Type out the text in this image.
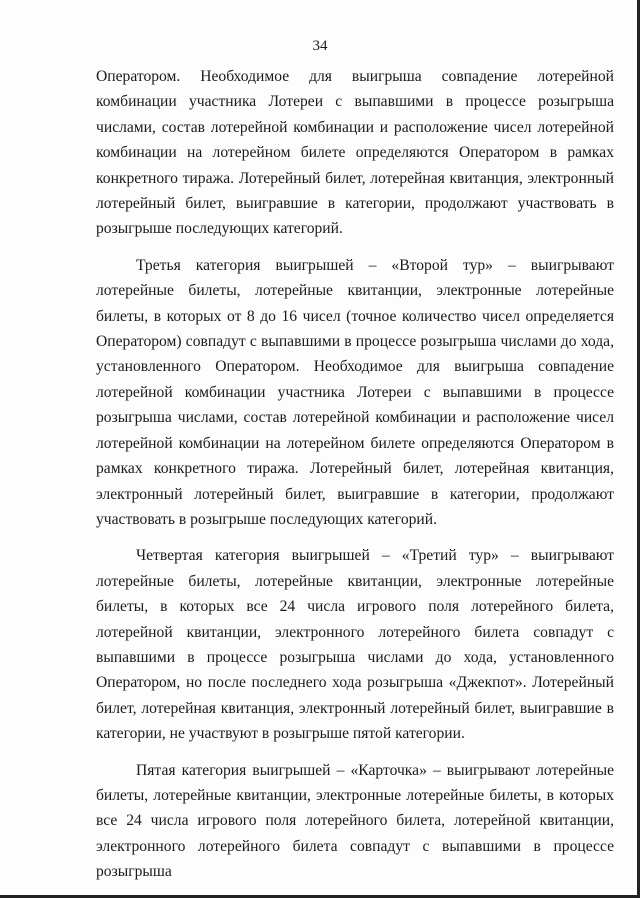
34

Оператором. Необходимое для выигрыша совпадение лотерейной комбинации участника Лотереи с выпавшими в процессе розыгрыша числами, состав лотерейной комбинации и расположение чисел лотерейной комбинации на лотерейном билете определяются Оператором в рамках конкретного тиража. Лотерейный билет, лотерейная квитанция, электронный лотерейный билет, выигравшие в категории, продолжают участвовать в розыгрыше последующих категорий.

Третья категория выигрышей – «Второй тур» – выигрывают лотерейные билеты, лотерейные квитанции, электронные лотерейные билеты, в которых от 8 до 16 чисел (точное количество чисел определяется Оператором) совпадут с выпавшими в процессе розыгрыша числами до хода, установленного Оператором. Необходимое для выигрыша совпадение лотерейной комбинации участника Лотереи с выпавшими в процессе розыгрыша числами, состав лотерейной комбинации и расположение чисел лотерейной комбинации на лотерейном билете определяются Оператором в рамках конкретного тиража. Лотерейный билет, лотерейная квитанция, электронный лотерейный билет, выигравшие в категории, продолжают участвовать в розыгрыше последующих категорий.

Четвертая категория выигрышей – «Третий тур» – выигрывают лотерейные билеты, лотерейные квитанции, электронные лотерейные билеты, в которых все 24 числа игрового поля лотерейного билета, лотерейной квитанции, электронного лотерейного билета совпадут с выпавшими в процессе розыгрыша числами до хода, установленного Оператором, но после последнего хода розыгрыша «Джекпот». Лотерейный билет, лотерейная квитанция, электронный лотерейный билет, выигравшие в категории, не участвуют в розыгрыше пятой категории.

Пятая категория выигрышей – «Карточка» – выигрывают лотерейные билеты, лотерейные квитанции, электронные лотерейные билеты, в которых все 24 числа игрового поля лотерейного билета, лотерейной квитанции, электронного лотерейного билета совпадут с выпавшими в процессе розыгрыша
